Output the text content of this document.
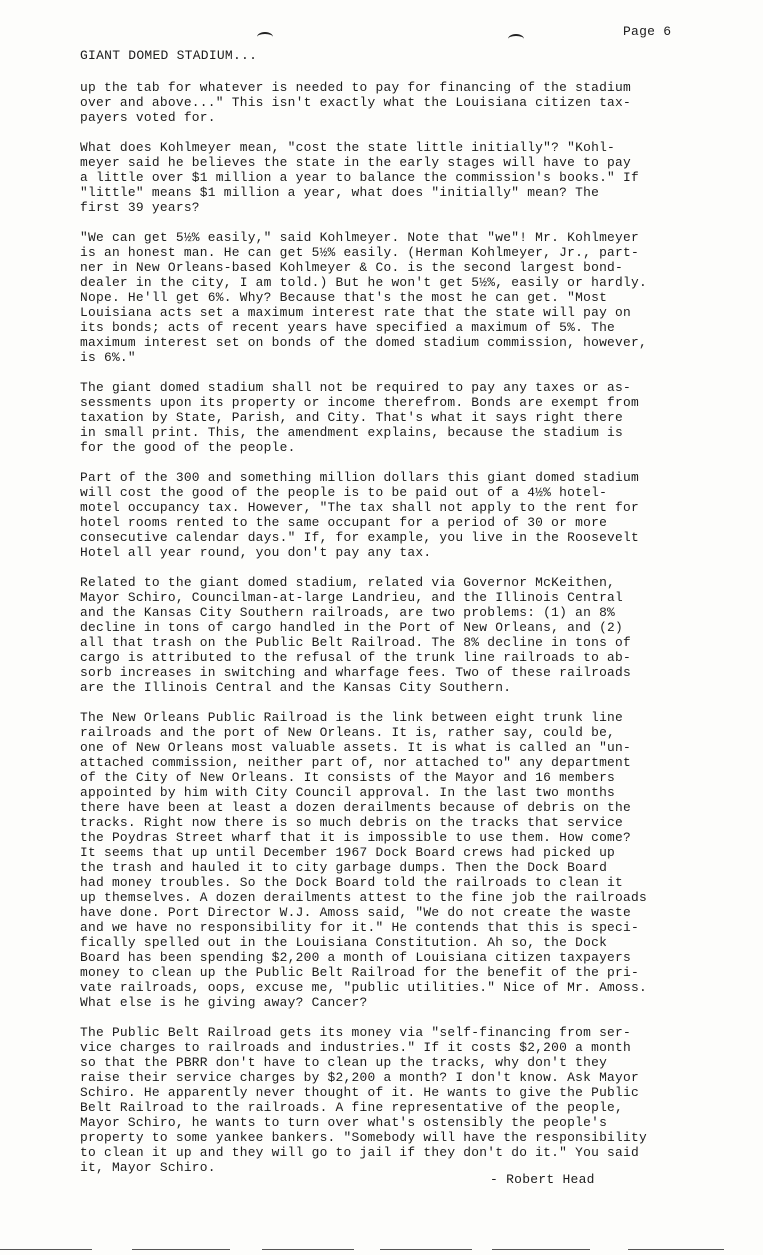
Page 6
GIANT DOMED STADIUM...
up the tab for whatever is needed to pay for financing of the stadium
over and above..." This isn't exactly what the Louisiana citizen tax-
payers voted for.
What does Kohlmeyer mean, "cost the state little initially"? "Kohl-
meyer said he believes the state in the early stages will have to pay
a little over $1 million a year to balance the commission's books." If
"little" means $1 million a year, what does "initially" mean? The
first 39 years?
"We can get 5½% easily," said Kohlmeyer. Note that "we"! Mr. Kohlmeyer
is an honest man. He can get 5½% easily. (Herman Kohlmeyer, Jr., part-
ner in New Orleans-based Kohlmeyer & Co. is the second largest bond-
dealer in the city, I am told.) But he won't get 5½%, easily or hardly.
Nope. He'll get 6%. Why? Because that's the most he can get. "Most
Louisiana acts set a maximum interest rate that the state will pay on
its bonds; acts of recent years have specified a maximum of 5%. The
maximum interest set on bonds of the domed stadium commission, however,
is 6%."
The giant domed stadium shall not be required to pay any taxes or as-
sessments upon its property or income therefrom. Bonds are exempt from
taxation by State, Parish, and City. That's what it says right there
in small print. This, the amendment explains, because the stadium is
for the good of the people.
Part of the 300 and something million dollars this giant domed stadium
will cost the good of the people is to be paid out of a 4½% hotel-
motel occupancy tax. However, "The tax shall not apply to the rent for
hotel rooms rented to the same occupant for a period of 30 or more
consecutive calendar days." If, for example, you live in the Roosevelt
Hotel all year round, you don't pay any tax.
Related to the giant domed stadium, related via Governor McKeithen,
Mayor Schiro, Councilman-at-large Landrieu, and the Illinois Central
and the Kansas City Southern railroads, are two problems: (1) an 8%
decline in tons of cargo handled in the Port of New Orleans, and (2)
all that trash on the Public Belt Railroad. The 8% decline in tons of
cargo is attributed to the refusal of the trunk line railroads to ab-
sorb increases in switching and wharfage fees. Two of these railroads
are the Illinois Central and the Kansas City Southern.
The New Orleans Public Railroad is the link between eight trunk line
railroads and the port of New Orleans. It is, rather say, could be,
one of New Orleans most valuable assets. It is what is called an "un-
attached commission, neither part of, nor attached to" any department
of the City of New Orleans. It consists of the Mayor and 16 members
appointed by him with City Council approval. In the last two months
there have been at least a dozen derailments because of debris on the
tracks. Right now there is so much debris on the tracks that service
the Poydras Street wharf that it is impossible to use them. How come?
It seems that up until December 1967 Dock Board crews had picked up
the trash and hauled it to city garbage dumps. Then the Dock Board
had money troubles. So the Dock Board told the railroads to clean it
up themselves. A dozen derailments attest to the fine job the railroads
have done. Port Director W.J. Amoss said, "We do not create the waste
and we have no responsibility for it." He contends that this is speci-
fically spelled out in the Louisiana Constitution. Ah so, the Dock
Board has been spending $2,200 a month of Louisiana citizen taxpayers
money to clean up the Public Belt Railroad for the benefit of the pri-
vate railroads, oops, excuse me, "public utilities." Nice of Mr. Amoss.
What else is he giving away? Cancer?
The Public Belt Railroad gets its money via "self-financing from ser-
vice charges to railroads and industries." If it costs $2,200 a month
so that the PBRR don't have to clean up the tracks, why don't they
raise their service charges by $2,200 a month? I don't know. Ask Mayor
Schiro. He apparently never thought of it. He wants to give the Public
Belt Railroad to the railroads. A fine representative of the people,
Mayor Schiro, he wants to turn over what's ostensibly the people's
property to some yankee bankers. "Somebody will have the responsibility
to clean it up and they will go to jail if they don't do it." You said
it, Mayor Schiro.
- Robert Head
